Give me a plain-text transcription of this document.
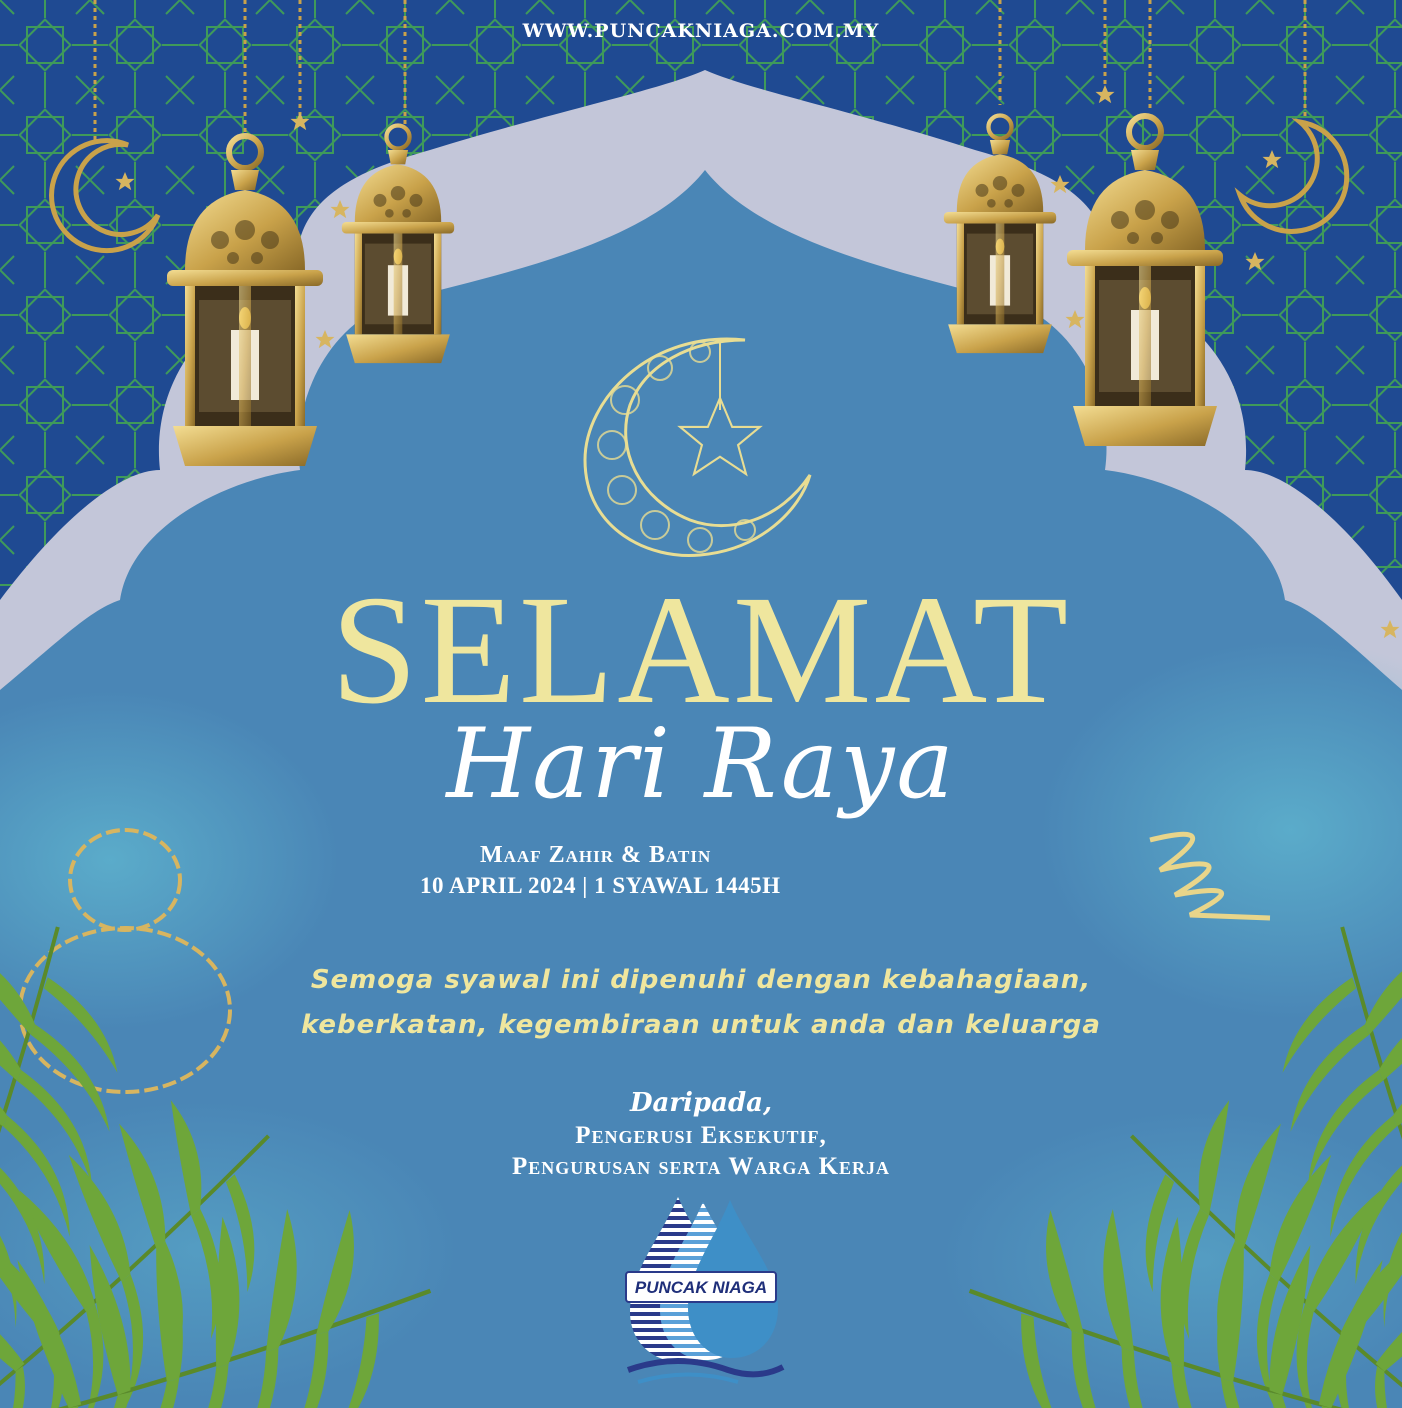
WWW.PUNCAKNIAGA.COM.MY

SELAMAT

Hari Raya

Maaf Zahir & Batin

10 APRIL 2024 | 1 SYAWAL 1445H

Semoga syawal ini dipenuhi dengan kebahagiaan,

keberkatan, kegembiraan untuk anda dan keluarga

Daripada,

Pengerusi Eksekutif,

Pengurusan serta Warga Kerja

PUNCAK NIAGA
